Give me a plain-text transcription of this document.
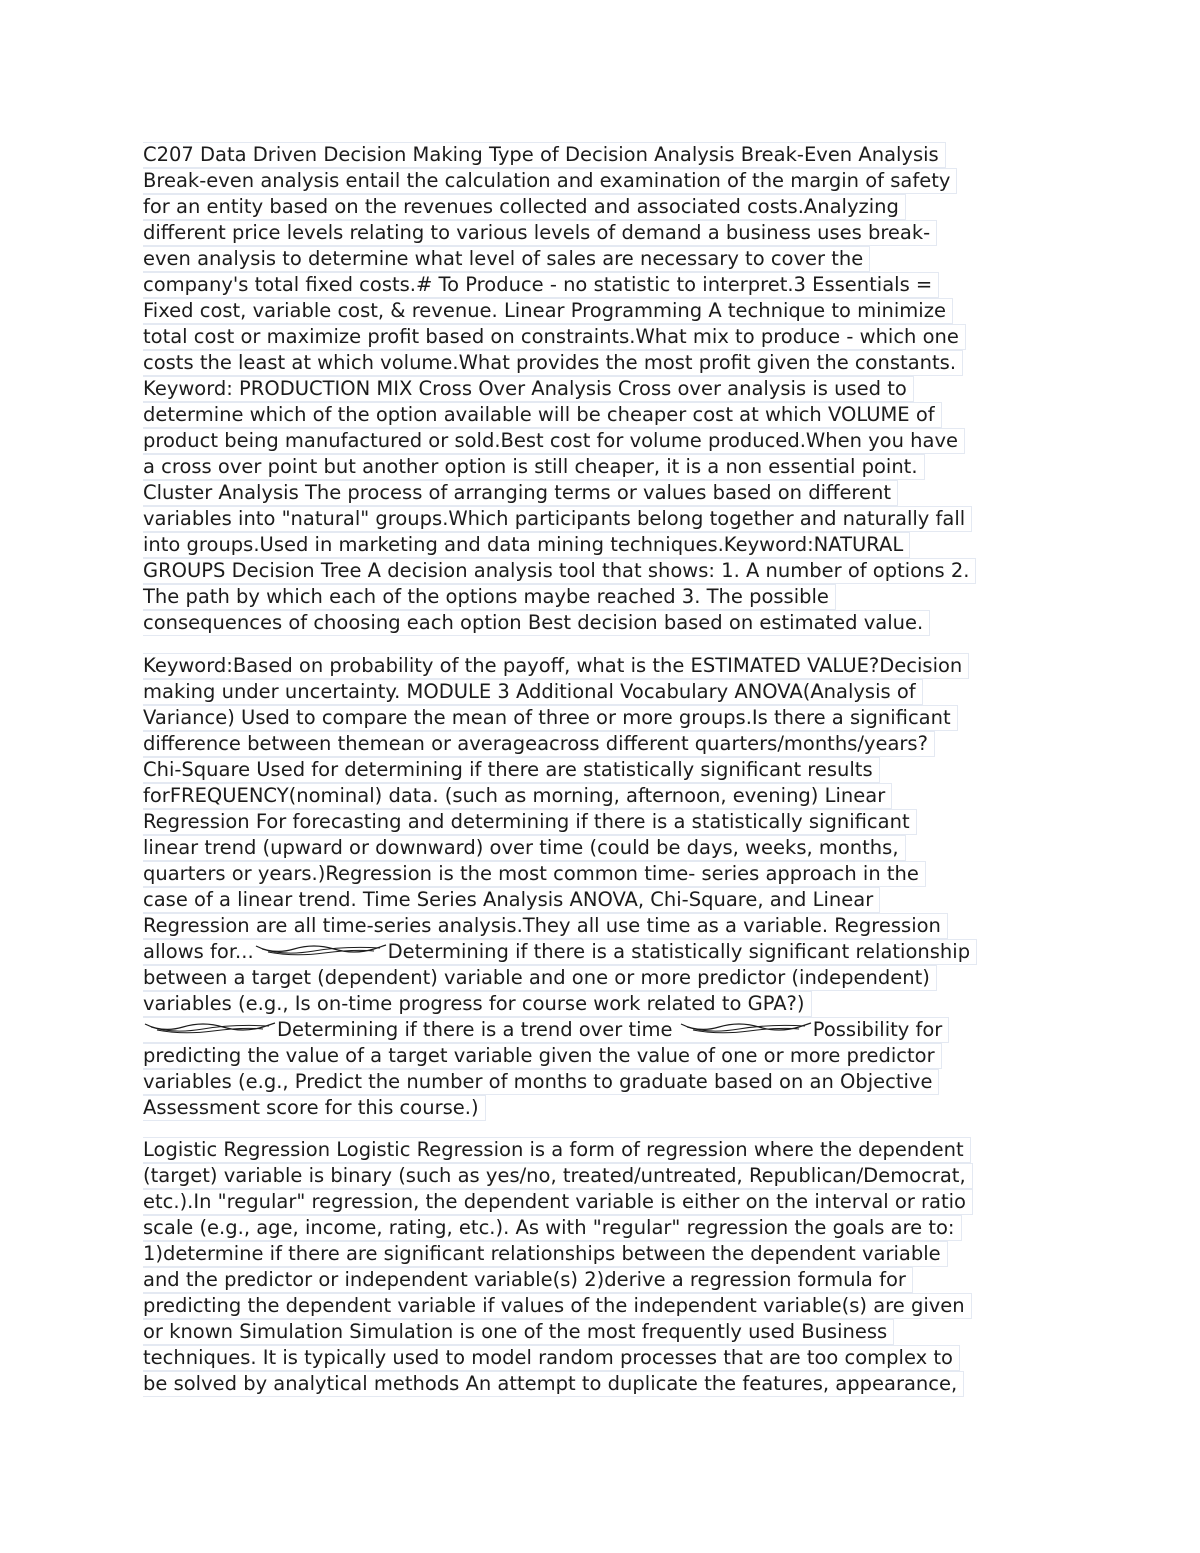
C207 Data Driven Decision Making Type of Decision Analysis Break-Even Analysis
Break-even analysis entail the calculation and examination of the margin of safety
for an entity based on the revenues collected and associated costs.Analyzing
different price levels relating to various levels of demand a business uses break-
even analysis to determine what level of sales are necessary to cover the
company's total fixed costs.# To Produce - no statistic to interpret.3 Essentials =
Fixed cost, variable cost, & revenue. Linear Programming A technique to minimize
total cost or maximize profit based on constraints.What mix to produce - which one
costs the least at which volume.What provides the most profit given the constants.
Keyword: PRODUCTION MIX Cross Over Analysis Cross over analysis is used to
determine which of the option available will be cheaper cost at which VOLUME of
product being manufactured or sold.Best cost for volume produced.When you have
a cross over point but another option is still cheaper, it is a non essential point.
Cluster Analysis The process of arranging terms or values based on different
variables into "natural" groups.Which participants belong together and naturally fall
into groups.Used in marketing and data mining techniques.Keyword:NATURAL
GROUPS Decision Tree A decision analysis tool that shows: 1. A number of options 2.
The path by which each of the options maybe reached 3. The possible
consequences of choosing each option Best decision based on estimated value.
Keyword:Based on probability of the payoff, what is the ESTIMATED VALUE?Decision
making under uncertainty. MODULE 3 Additional Vocabulary ANOVA(Analysis of
Variance) Used to compare the mean of three or more groups.Is there a significant
difference between themean or averageacross different quarters/months/years?
Chi-Square Used for determining if there are statistically significant results
forFREQUENCY(nominal) data. (such as morning, afternoon, evening) Linear
Regression For forecasting and determining if there is a statistically significant
linear trend (upward or downward) over time (could be days, weeks, months,
quarters or years.)Regression is the most common time- series approach in the
case of a linear trend. Time Series Analysis ANOVA, Chi-Square, and Linear
Regression are all time-series analysis.They all use time as a variable. Regression
allows for...	Determining if there is a statistically significant relationship
between a target (dependent) variable and one or more predictor (independent)
variables (e.g., Is on-time progress for course work related to GPA?)
Determining if there is a trend over time	Possibility for
predicting the value of a target variable given the value of one or more predictor
variables (e.g., Predict the number of months to graduate based on an Objective
Assessment score for this course.)
Logistic Regression Logistic Regression is a form of regression where the dependent
(target) variable is binary (such as yes/no, treated/untreated, Republican/Democrat,
etc.).In "regular" regression, the dependent variable is either on the interval or ratio
scale (e.g., age, income, rating, etc.). As with "regular" regression the goals are to:
1)determine if there are significant relationships between the dependent variable
and the predictor or independent variable(s) 2)derive a regression formula for
predicting the dependent variable if values of the independent variable(s) are given
or known Simulation Simulation is one of the most frequently used Business
techniques. It is typically used to model random processes that are too complex to
be solved by analytical methods An attempt to duplicate the features, appearance,
